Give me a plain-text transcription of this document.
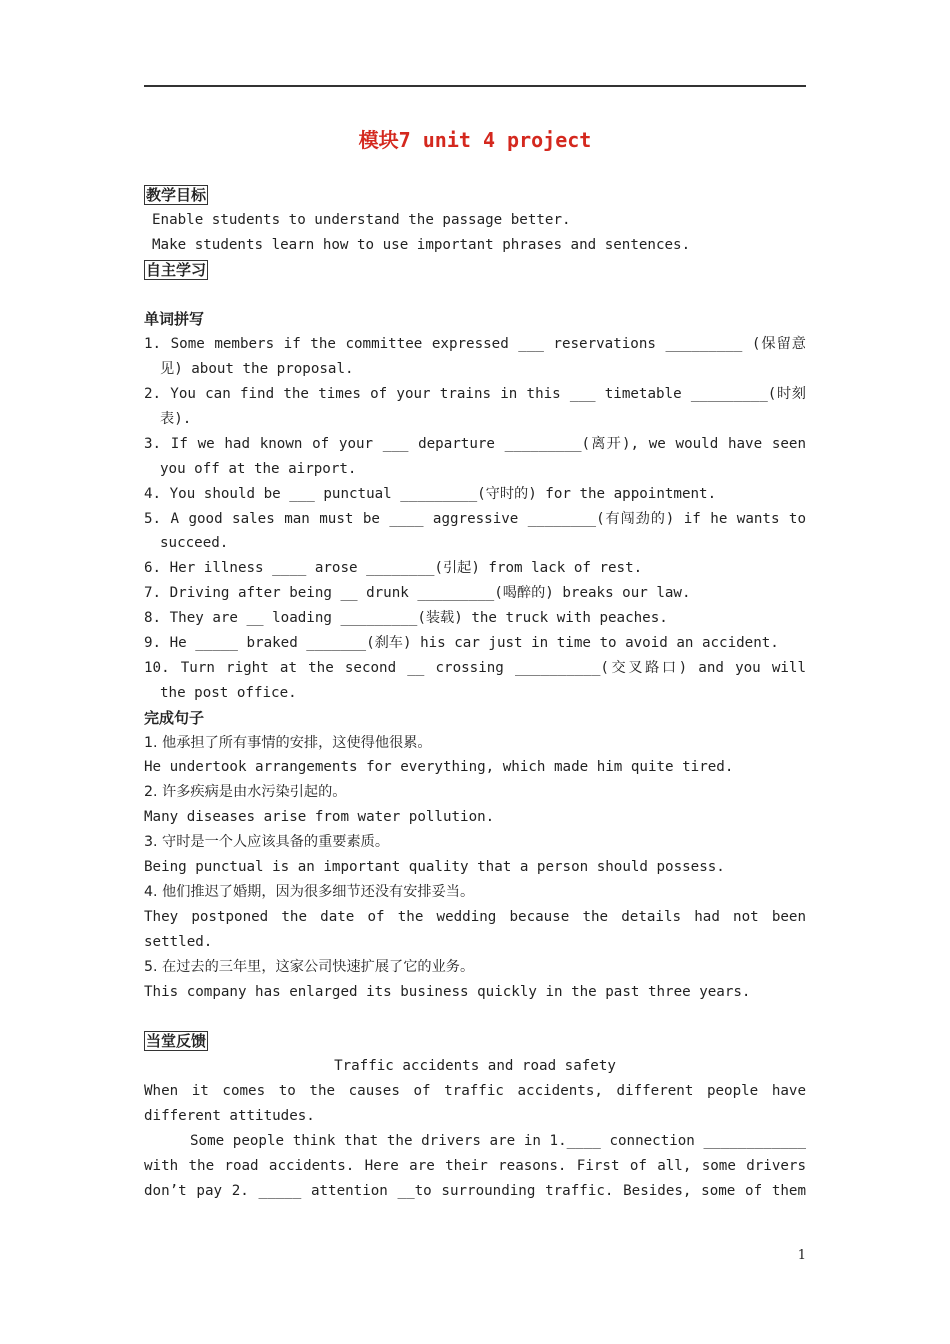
模块7 unit 4 project
教学目标
Enable students to understand the passage better.
Make students learn how to use important phrases and sentences.
自主学习
单词拼写
1. Some members if the committee expressed ___ reservations _________ (保留意
见) about the proposal.
2. You can find the times of your trains in this ___ timetable _________(时刻
表).
3. If we had known of your ___ departure _________(离开), we would have seen
you off at the airport.
4. You should be ___ punctual _________(守时的) for the appointment.
5. A good sales man must be ____ aggressive ________(有闯劲的) if he wants to
succeed.
6. Her illness ____ arose ________(引起) from lack of rest.
7. Driving after being __ drunk _________(喝醉的) breaks our law.
8. They are __ loading _________(装载) the truck with peaches.
9. He _____ braked _______(刹车) his car just in time to avoid an accident.
10. Turn right at the second __ crossing __________(交叉路口) and you will
the post office.
完成句子
1. 他承担了所有事情的安排，这使得他很累。
He undertook arrangements for everything, which made him quite tired.
2. 许多疾病是由水污染引起的。
Many diseases arise from water pollution.
3. 守时是一个人应该具备的重要素质。
Being punctual is an important quality that a person should possess.
4. 他们推迟了婚期，因为很多细节还没有安排妥当。
They postponed the date of the wedding because the details had not been
settled.
5. 在过去的三年里，这家公司快速扩展了它的业务。
This company has enlarged its business quickly in the past three years.
当堂反馈
Traffic accidents and road safety
When it comes to the causes of traffic accidents, different people have
different attitudes.
Some people think that the drivers are in 1.____ connection ____________
with the road accidents. Here are their reasons. First of all, some drivers
don’t pay 2. _____ attention __to surrounding traffic. Besides, some of them
1
